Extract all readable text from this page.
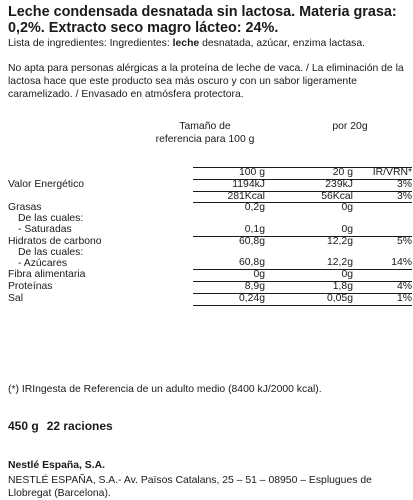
Leche condensada desnatada sin lactosa. Materia grasa: 0,2%. Extracto seco magro lácteo: 24%.
Lista de ingredientes: Ingredientes: leche desnatada, azúcar, enzima lactasa.
No apta para personas alérgicas a la proteína de leche de vaca. / La eliminación de la lactosa hace que este producto sea más oscuro y con un sabor ligeramente caramelizado. / Envasado en atmósfera protectora.
Tamaño de referencia para 100 g
por 20g
	100 g	20 g	IR/VRN*
Valor Energético	1194kJ	239kJ	3%
	281Kcal	56Kcal	3%
Grasas	0,2g	0g	
De las cuales:			
- Saturadas	0,1g	0g	
Hidratos de carbono	60,8g	12,2g	5%
De las cuales:			
- Azúcares	60,8g	12,2g	14%
Fibra alimentaria	0g	0g	
Proteínas	8,9g	1,8g	4%
Sal	0,24g	0,05g	1%
(*) IRIngesta de Referencia de un adulto medio (8400 kJ/2000 kcal).
450 g 22 raciones
Nestlé España, S.A.
NESTLÉ ESPAÑA, S.A.- Av. Països Catalans, 25 – 51 – 08950 – Esplugues de Llobregat (Barcelona).
